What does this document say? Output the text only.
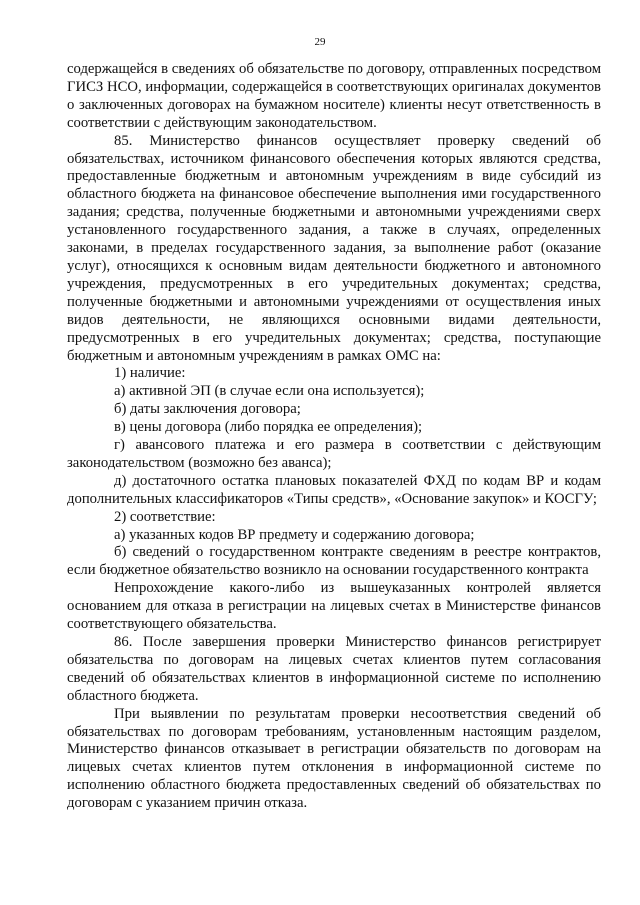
29

содержащейся в сведениях об обязательстве по договору, отправленных посредством ГИСЗ НСО, информации, содержащейся в соответствующих оригиналах документов о заключенных договорах на бумажном носителе) клиенты несут ответственность в соответствии с действующим законодательством.

85. Министерство финансов осуществляет проверку сведений об обязательствах, источником финансового обеспечения которых являются средства, предоставленные бюджетным и автономным учреждениям в виде субсидий из областного бюджета на финансовое обеспечение выполнения ими государственного задания; средства, полученные бюджетными и автономными учреждениями сверх установленного государственного задания, а также в случаях, определенных законами, в пределах государственного задания, за выполнение работ (оказание услуг), относящихся к основным видам деятельности бюджетного и автономного учреждения, предусмотренных в его учредительных документах; средства, полученные бюджетными и автономными учреждениями от осуществления иных видов деятельности, не являющихся основными видами деятельности, предусмотренных в его учредительных документах; средства, поступающие бюджетным и автономным учреждениям в рамках ОМС на:

1) наличие:

а) активной ЭП (в случае если она используется);

б) даты заключения договора;

в) цены договора (либо порядка ее определения);

г) авансового платежа и его размера в соответствии с действующим законодательством (возможно без аванса);

д) достаточного остатка плановых показателей ФХД по кодам ВР и кодам дополнительных классификаторов «Типы средств», «Основание закупок» и КОСГУ;

2) соответствие:

а) указанных кодов ВР предмету и содержанию договора;

б) сведений о государственном контракте сведениям в реестре контрактов, если бюджетное обязательство возникло на основании государственного контракта

Непрохождение какого-либо из вышеуказанных контролей является основанием для отказа в регистрации на лицевых счетах в Министерстве финансов соответствующего обязательства.

86. После завершения проверки Министерство финансов регистрирует обязательства по договорам на лицевых счетах клиентов путем согласования сведений об обязательствах клиентов в информационной системе по исполнению областного бюджета.

При выявлении по результатам проверки несоответствия сведений об обязательствах по договорам требованиям, установленным настоящим разделом, Министерство финансов отказывает в регистрации обязательств по договорам на лицевых счетах клиентов путем отклонения в информационной системе по исполнению областного бюджета предоставленных сведений об обязательствах по договорам с указанием причин отказа.
